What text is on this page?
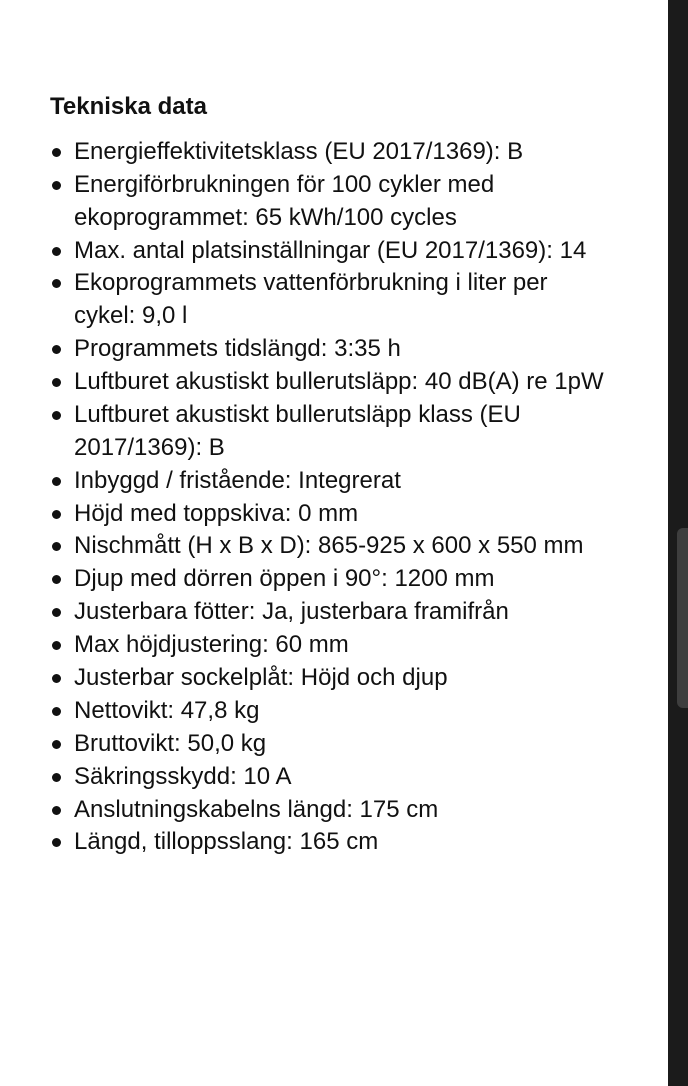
Tekniska data
Energieffektivitetsklass (EU 2017/1369): B
Energiförbrukningen för 100 cykler med ekoprogrammet: 65 kWh/100 cycles
Max. antal platsinställningar (EU 2017/1369): 14
Ekoprogrammets vattenförbrukning i liter per cykel: 9,0 l
Programmets tidslängd: 3:35 h
Luftburet akustiskt bullerutsläpp: 40 dB(A) re 1pW
Luftburet akustiskt bullerutsläpp klass (EU 2017/1369): B
Inbyggd / fristående: Integrerat
Höjd med toppskiva: 0 mm
Nischmått (H x B x D): 865-925 x 600 x 550 mm
Djup med dörren öppen i 90°: 1200 mm
Justerbara fötter: Ja, justerbara framifrån
Max höjdjustering: 60 mm
Justerbar sockelplåt: Höjd och djup
Nettovikt: 47,8 kg
Bruttovikt: 50,0 kg
Säkringsskydd: 10 A
Anslutningskabelns längd: 175 cm
Längd, tilloppsslang: 165 cm
